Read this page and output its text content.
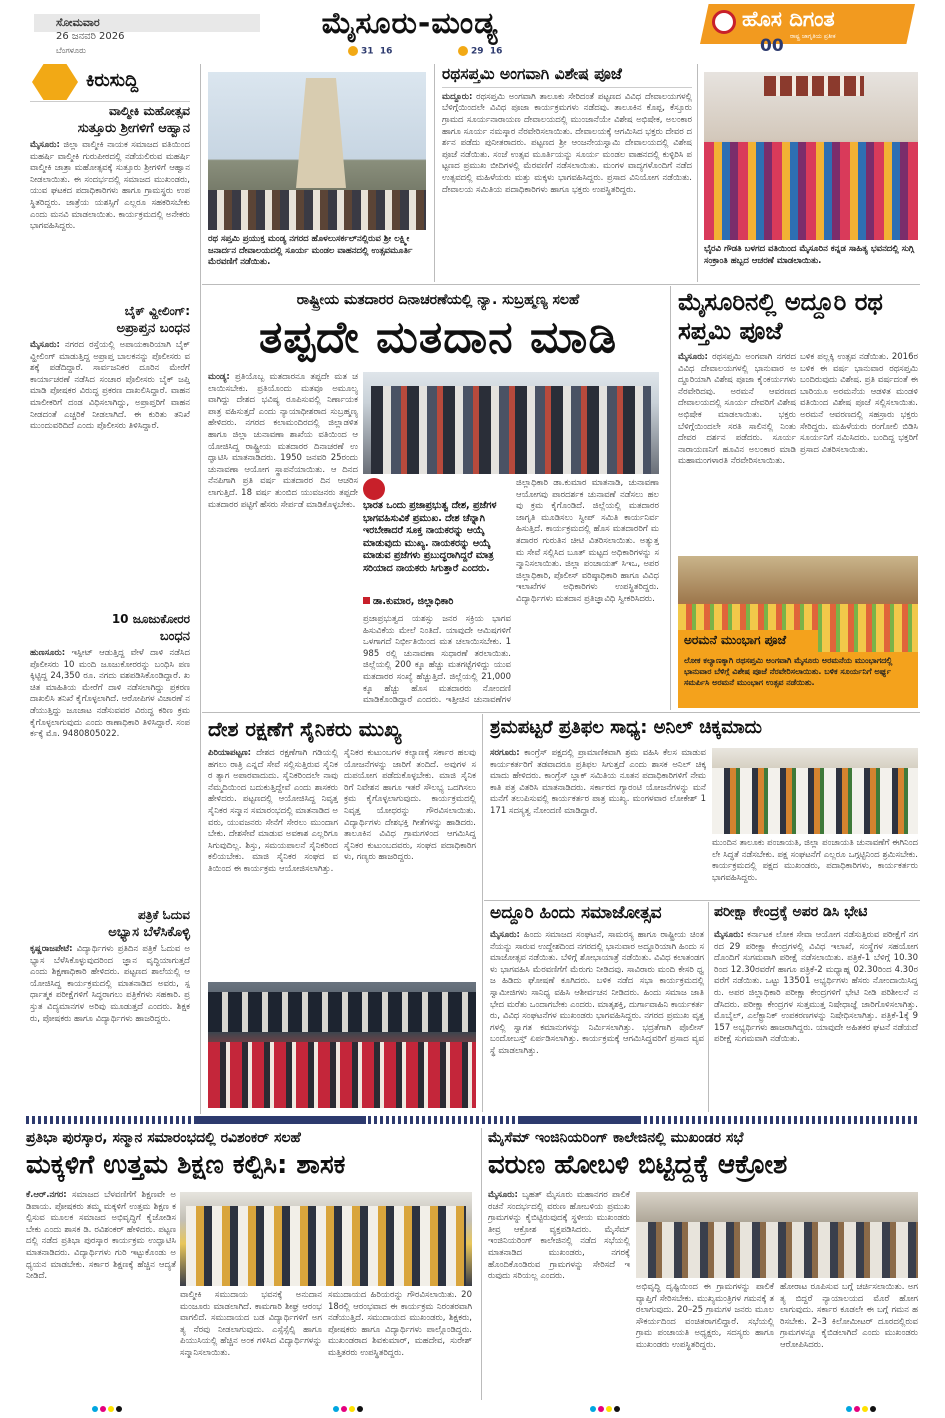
ಸೋಮವಾರ
26 ಜನವರಿ 2026
ಬೆಂಗಳೂರು
ಮೈಸೂರು-ಮಂಡ್ಯ
31 16	29 16
ಹೊಸ ದಿಗಂತ
ರಾಷ್ಟ್ರ ಜಾಗೃತಿಯ ಪ್ರತೀಕ
00
ಕಿರುಸುದ್ದಿ
ವಾಲ್ಮೀಕಿ ಮಹೋತ್ಸವ
ಸುತ್ತೂರು ಶ್ರೀಗಳಿಗೆ ಆಹ್ವಾನ
ಮೈಸೂರು: ಜಿಲ್ಲಾ ವಾಲ್ಮೀಕಿ ನಾಯಕ ಸಮಾಜದ ವತಿಯಿಂದ ಮಹರ್ಷಿ ವಾಲ್ಮೀಕಿ ಗುರುಪೀಠದಲ್ಲಿ ನಡೆಯಲಿರುವ ಮಹರ್ಷಿ ವಾಲ್ಮೀಕಿ ಜಾತ್ರಾ ಮಹೋತ್ಸವಕ್ಕೆ ಸುತ್ತೂರು ಶ್ರೀಗಳಿಗೆ ಆಹ್ವಾನ ನೀಡಲಾಯಿತು. ಈ ಸಂದರ್ಭದಲ್ಲಿ ಸಮಾಜದ ಮುಖಂಡರು, ಯುವ ಘಟಕದ ಪದಾಧಿಕಾರಿಗಳು ಹಾಗೂ ಗ್ರಾಮಸ್ಥರು ಉಪಸ್ಥಿತರಿದ್ದರು. ಜಾತ್ರೆಯ ಯಶಸ್ಸಿಗೆ ಎಲ್ಲರೂ ಸಹಕರಿಸಬೇಕು ಎಂದು ಮನವಿ ಮಾಡಲಾಯಿತು. ಕಾರ್ಯಕ್ರಮದಲ್ಲಿ ಅನೇಕರು ಭಾಗವಹಿಸಿದ್ದರು.
ಬೈಕ್ ವ್ಹೀಲಿಂಗ್:
ಅಪ್ರಾಪ್ತನ ಬಂಧನ
ಮೈಸೂರು: ನಗರದ ರಸ್ತೆಯಲ್ಲಿ ಅಪಾಯಕಾರಿಯಾಗಿ ಬೈಕ್ ವ್ಹೀಲಿಂಗ್ ಮಾಡುತ್ತಿದ್ದ ಅಪ್ರಾಪ್ತ ಬಾಲಕನನ್ನು ಪೊಲೀಸರು ವಶಕ್ಕೆ ಪಡೆದಿದ್ದಾರೆ. ಸಾರ್ವಜನಿಕರ ದೂರಿನ ಮೇರೆಗೆ ಕಾರ್ಯಾಚರಣೆ ನಡೆಸಿದ ಸಂಚಾರ ಪೊಲೀಸರು ಬೈಕ್ ಜಪ್ತಿ ಮಾಡಿ ಪೋಷಕರ ವಿರುದ್ಧ ಪ್ರಕರಣ ದಾಖಲಿಸಿದ್ದಾರೆ. ವಾಹನ ಮಾಲೀಕರಿಗೆ ದಂಡ ವಿಧಿಸಲಾಗಿದ್ದು, ಅಪ್ರಾಪ್ತರಿಗೆ ವಾಹನ ನೀಡದಂತೆ ಎಚ್ಚರಿಕೆ ನೀಡಲಾಗಿದೆ. ಈ ಕುರಿತು ತನಿಖೆ ಮುಂದುವರಿದಿದೆ ಎಂದು ಪೊಲೀಸರು ತಿಳಿಸಿದ್ದಾರೆ.
10 ಜೂಜುಕೋರರ
ಬಂಧನ
ಹುಣಸೂರು: ಇಸ್ಪೀಟ್ ಆಡುತ್ತಿದ್ದ ವೇಳೆ ದಾಳಿ ನಡೆಸಿದ ಪೊಲೀಸರು 10 ಮಂದಿ ಜೂಜುಕೋರರನ್ನು ಬಂಧಿಸಿ ಪಣಕ್ಕಿಟ್ಟಿದ್ದ 24,350 ರೂ. ನಗದು ವಶಪಡಿಸಿಕೊಂಡಿದ್ದಾರೆ. ಖಚಿತ ಮಾಹಿತಿಯ ಮೇರೆಗೆ ದಾಳಿ ನಡೆಸಲಾಗಿದ್ದು ಪ್ರಕರಣ ದಾಖಲಿಸಿ ತನಿಖೆ ಕೈಗೊಳ್ಳಲಾಗಿದೆ. ಆರೋಪಿಗಳ ವಿಚಾರಣೆ ನಡೆಯುತ್ತಿದ್ದು ಜೂಜಾಟ ನಡೆಸುವವರ ವಿರುದ್ಧ ಕಠಿಣ ಕ್ರಮ ಕೈಗೊಳ್ಳಲಾಗುವುದು ಎಂದು ಠಾಣಾಧಿಕಾರಿ ತಿಳಿಸಿದ್ದಾರೆ. ಸಂಪರ್ಕಕ್ಕೆ ಮೊ. 9480805022.
ಪತ್ರಿಕೆ ಓದುವ
ಅಭ್ಯಾಸ ಬೆಳೆಸಿಕೊಳ್ಳಿ
ಕೃಷ್ಣರಾಜಪೇಟೆ: ವಿದ್ಯಾರ್ಥಿಗಳು ಪ್ರತಿದಿನ ಪತ್ರಿಕೆ ಓದುವ ಅಭ್ಯಾಸ ಬೆಳೆಸಿಕೊಳ್ಳುವುದರಿಂದ ಜ್ಞಾನ ವೃದ್ಧಿಯಾಗುತ್ತದೆ ಎಂದು ಶಿಕ್ಷಣಾಧಿಕಾರಿ ಹೇಳಿದರು. ಪಟ್ಟಣದ ಶಾಲೆಯಲ್ಲಿ ಆಯೋಜಿಸಿದ್ದ ಕಾರ್ಯಕ್ರಮದಲ್ಲಿ ಮಾತನಾಡಿದ ಅವರು, ಸ್ಪರ್ಧಾತ್ಮಕ ಪರೀಕ್ಷೆಗಳಿಗೆ ಸಿದ್ಧರಾಗಲು ಪತ್ರಿಕೆಗಳು ಸಹಕಾರಿ. ಪ್ರಸ್ತುತ ವಿದ್ಯಮಾನಗಳ ಅರಿವು ಮೂಡುತ್ತದೆ ಎಂದರು. ಶಿಕ್ಷಕರು, ಪೋಷಕರು ಹಾಗೂ ವಿದ್ಯಾರ್ಥಿಗಳು ಹಾಜರಿದ್ದರು.
ರಥ ಸಪ್ತಮಿ ಪ್ರಯುಕ್ತ ಮಂಡ್ಯ ನಗರದ ಹೊಳಲುಸರ್ಕಲ್‌ನಲ್ಲಿರುವ ಶ್ರೀ ಲಕ್ಷ್ಮೀ ಜನಾರ್ದನ ದೇವಾಲಯದಲ್ಲಿ ಸೂರ್ಯ ಮಂಡಲ ವಾಹನದಲ್ಲಿ ಉತ್ಸವಮೂರ್ತಿ ಮೆರವಣಿಗೆ ನಡೆಯಿತು.
ರಥಸಪ್ತಮಿ ಅಂಗವಾಗಿ ವಿಶೇಷ ಪೂಜೆ
ಮದ್ದೂರು: ರಥಸಪ್ತಮಿ ಅಂಗವಾಗಿ ತಾಲೂಕು ಸೇರಿದಂತೆ ಪಟ್ಟಣದ ವಿವಿಧ ದೇವಾಲಯಗಳಲ್ಲಿ ಬೆಳಿಗ್ಗೆಯಿಂದಲೇ ವಿವಿಧ ಪೂಜಾ ಕಾರ್ಯಕ್ರಮಗಳು ನಡೆದವು. ತಾಲೂಕಿನ ಕೊಪ್ಪ, ಕೆಸ್ತೂರು ಗ್ರಾಮದ ಸೂರ್ಯನಾರಾಯಣ ದೇವಾಲಯದಲ್ಲಿ ಮುಂಜಾನೆಯೇ ವಿಶೇಷ ಅಭಿಷೇಕ, ಅಲಂಕಾರ ಹಾಗೂ ಸೂರ್ಯ ನಮಸ್ಕಾರ ನೆರವೇರಿಸಲಾಯಿತು. ದೇವಾಲಯಕ್ಕೆ ಆಗಮಿಸಿದ ಭಕ್ತರು ದೇವರ ದರ್ಶನ ಪಡೆದು ಪುನೀತರಾದರು. ಪಟ್ಟಣದ ಶ್ರೀ ಆಂಜನೇಯಸ್ವಾಮಿ ದೇವಾಲಯದಲ್ಲಿ ವಿಶೇಷ ಪೂಜೆ ನಡೆಯಿತು. ಸಂಜೆ ಉತ್ಸವ ಮೂರ್ತಿಯನ್ನು ಸೂರ್ಯ ಮಂಡಲ ವಾಹನದಲ್ಲಿ ಕುಳ್ಳಿರಿಸಿ ಪಟ್ಟಣದ ಪ್ರಮುಖ ಬೀದಿಗಳಲ್ಲಿ ಮೆರವಣಿಗೆ ನಡೆಸಲಾಯಿತು. ಮಂಗಳ ವಾದ್ಯಗಳೊಂದಿಗೆ ನಡೆದ ಉತ್ಸವದಲ್ಲಿ ಮಹಿಳೆಯರು ಮತ್ತು ಮಕ್ಕಳು ಭಾಗವಹಿಸಿದ್ದರು. ಪ್ರಸಾದ ವಿನಿಯೋಗ ನಡೆಯಿತು. ದೇವಾಲಯ ಸಮಿತಿಯ ಪದಾಧಿಕಾರಿಗಳು ಹಾಗೂ ಭಕ್ತರು ಉಪಸ್ಥಿತರಿದ್ದರು.
ಭೈರವಿ ಗೌಡತಿ ಬಳಗದ ವತಿಯಿಂದ ಮೈಸೂರಿನ ಕನ್ನಡ ಸಾಹಿತ್ಯ ಭವನದಲ್ಲಿ ಸುಗ್ಗಿ ಸಂಕ್ರಾಂತಿ ಹಬ್ಬದ ಆಚರಣೆ ಮಾಡಲಾಯಿತು.
ರಾಷ್ಟ್ರೀಯ ಮತದಾರರ ದಿನಾಚರಣೆಯಲ್ಲಿ ನ್ಯಾ. ಸುಬ್ರಹ್ಮಣ್ಯ ಸಲಹೆ
ತಪ್ಪದೇ ಮತದಾನ ಮಾಡಿ
ಮಂಡ್ಯ: ಪ್ರತಿಯೊಬ್ಬ ಮತದಾರನೂ ತಪ್ಪದೇ ಮತ ಚಲಾಯಿಸಬೇಕು. ಪ್ರತಿಯೊಂದು ಮತವೂ ಅಮೂಲ್ಯವಾಗಿದ್ದು ದೇಶದ ಭವಿಷ್ಯ ರೂಪಿಸುವಲ್ಲಿ ನಿರ್ಣಾಯಕ ಪಾತ್ರ ವಹಿಸುತ್ತದೆ ಎಂದು ನ್ಯಾಯಾಧೀಶರಾದ ಸುಬ್ರಹ್ಮಣ್ಯ ಹೇಳಿದರು. ನಗರದ ಕಲಾಮಂದಿರದಲ್ಲಿ ಜಿಲ್ಲಾಡಳಿತ ಹಾಗೂ ಜಿಲ್ಲಾ ಚುನಾವಣಾ ಶಾಖೆಯ ವತಿಯಿಂದ ಆಯೋಜಿಸಿದ್ದ ರಾಷ್ಟ್ರೀಯ ಮತದಾರರ ದಿನಾಚರಣೆ ಉದ್ಘಾಟಿಸಿ ಮಾತನಾಡಿದರು. 1950 ಜನವರಿ 25ರಂದು ಚುನಾವಣಾ ಆಯೋಗ ಸ್ಥಾಪನೆಯಾಯಿತು. ಆ ದಿನದ ನೆನಪಿಗಾಗಿ ಪ್ರತಿ ವರ್ಷ ಮತದಾರರ ದಿನ ಆಚರಿಸಲಾಗುತ್ತಿದೆ. 18 ವರ್ಷ ತುಂಬಿದ ಯುವಜನರು ತಪ್ಪದೇ ಮತದಾರರ ಪಟ್ಟಿಗೆ ಹೆಸರು ಸೇರ್ಪಡೆ ಮಾಡಿಕೊಳ್ಳಬೇಕು. ಭಾರತ ಒಂದು ಪ್ರಜಾಪ್ರಭುತ್ವ ದೇಶ, ಪ್ರಜೆಗಳ ಭಾಗವಹಿಸುವಿಕೆ ಪ್ರಮುಖ. ದೇಶ ಚೆನ್ನಾಗಿ ಇರಬೇಕಾದರೆ ಸೂಕ್ತ ನಾಯಕರನ್ನು ಆಯ್ಕೆ ಮಾಡುವುದು ಮುಖ್ಯ. ನಾಯಕರನ್ನು ಆಯ್ಕೆ ಮಾಡುವ ಪ್ರಜೆಗಳು ಪ್ರಬುದ್ಧರಾಗಿದ್ದರೆ ಮಾತ್ರ ಸರಿಯಾದ ನಾಯಕರು ಸಿಗುತ್ತಾರೆ ಎಂದರು.
ಡಾ.ಕುಮಾರ, ಜಿಲ್ಲಾಧಿಕಾರಿ
ಜಿಲ್ಲಾಧಿಕಾರಿ ಡಾ.ಕುಮಾರ ಮಾತನಾಡಿ, ಚುನಾವಣಾ ಆಯೋಗವು ಪಾರದರ್ಶಕ ಚುನಾವಣೆ ನಡೆಸಲು ಹಲವು ಕ್ರಮ ಕೈಗೊಂಡಿದೆ. ಜಿಲ್ಲೆಯಲ್ಲಿ ಮತದಾರರ ಜಾಗೃತಿ ಮೂಡಿಸಲು ಸ್ವೀಪ್ ಸಮಿತಿ ಕಾರ್ಯನಿರ್ವಹಿಸುತ್ತಿದೆ. ಕಾರ್ಯಕ್ರಮದಲ್ಲಿ ಹೊಸ ಮತದಾರರಿಗೆ ಮತದಾರರ ಗುರುತಿನ ಚೀಟಿ ವಿತರಿಸಲಾಯಿತು. ಅತ್ಯುತ್ತಮ ಸೇವೆ ಸಲ್ಲಿಸಿದ ಬೂತ್ ಮಟ್ಟದ ಅಧಿಕಾರಿಗಳನ್ನು ಸನ್ಮಾನಿಸಲಾಯಿತು. ಜಿಲ್ಲಾ ಪಂಚಾಯತ್ ಸಿಇಒ, ಅಪರ ಜಿಲ್ಲಾಧಿಕಾರಿ, ಪೊಲೀಸ್ ವರಿಷ್ಠಾಧಿಕಾರಿ ಹಾಗೂ ವಿವಿಧ ಇಲಾಖೆಗಳ ಅಧಿಕಾರಿಗಳು ಉಪಸ್ಥಿತರಿದ್ದರು. ವಿದ್ಯಾರ್ಥಿಗಳು ಮತದಾನ ಪ್ರತಿಜ್ಞಾವಿಧಿ ಸ್ವೀಕರಿಸಿದರು.
ಪ್ರಜಾಪ್ರಭುತ್ವದ ಯಶಸ್ಸು ಜನರ ಸಕ್ರಿಯ ಭಾಗವಹಿಸುವಿಕೆಯ ಮೇಲೆ ನಿಂತಿದೆ. ಯಾವುದೇ ಆಮಿಷಗಳಿಗೆ ಒಳಗಾಗದೆ ನಿರ್ಭೀತಿಯಿಂದ ಮತ ಚಲಾಯಿಸಬೇಕು. 1985 ರಲ್ಲಿ ಚುನಾವಣಾ ಸುಧಾರಣೆ ತರಲಾಯಿತು. ಜಿಲ್ಲೆಯಲ್ಲಿ 200 ಕ್ಕೂ ಹೆಚ್ಚು ಮತಗಟ್ಟೆಗಳಿದ್ದು ಯುವ ಮತದಾರರ ಸಂಖ್ಯೆ ಹೆಚ್ಚುತ್ತಿದೆ. ಜಿಲ್ಲೆಯಲ್ಲಿ 21,000 ಕ್ಕೂ ಹೆಚ್ಚು ಹೊಸ ಮತದಾರರು ನೋಂದಣಿ ಮಾಡಿಕೊಂಡಿದ್ದಾರೆ ಎಂದರು. ಇತ್ತೀಚಿನ ಚುನಾವಣೆಗಳ
ಮೈಸೂರಿನಲ್ಲಿ ಅದ್ದೂರಿ ರಥ ಸಪ್ತಮಿ ಪೂಜೆ
ಮೈಸೂರು: ರಥಸಪ್ತಮಿ ಅಂಗವಾಗಿ ನಗರದ ವಿವಿಧ ದೇವಾಲಯಗಳಲ್ಲಿ ಭಾನುವಾರ ಅದ್ದೂರಿಯಾಗಿ ವಿಶೇಷ ಪೂಜಾ ಕೈಂಕರ್ಯಗಳು ನೆರವೇರಿದವು. ಅರಮನೆ ಆವರಣದ ದೇವಾಲಯದಲ್ಲಿ ಸೂರ್ಯ ದೇವರಿಗೆ ವಿಶೇಷ ಅಭಿಷೇಕ ಮಾಡಲಾಯಿತು. ಭಕ್ತರು ಬೆಳಿಗ್ಗೆಯಿಂದಲೇ ಸರತಿ ಸಾಲಿನಲ್ಲಿ ನಿಂತು ದೇವರ ದರ್ಶನ ಪಡೆದರು. ಸೂರ್ಯ ನಾರಾಯಣನಿಗೆ ಹೂವಿನ ಅಲಂಕಾರ ಮಾಡಿ ಮಹಾಮಂಗಳಾರತಿ ನೆರವೇರಿಸಲಾಯಿತು.
ಬಳಿಕ ಪಲ್ಲಕ್ಕಿ ಉತ್ಸವ ನಡೆಯಿತು. 2016ರ ಬಳಿಕ ಈ ವರ್ಷ ಭಾನುವಾರ ರಥಸಪ್ತಮಿ ಬಂದಿರುವುದು ವಿಶೇಷ. ಪ್ರತಿ ವರ್ಷದಂತೆ ಈ ಬಾರಿಯೂ ಅರಮನೆಯ ಆಡಳಿತ ಮಂಡಳಿ ವತಿಯಿಂದ ವಿಶೇಷ ಪೂಜೆ ಸಲ್ಲಿಸಲಾಯಿತು. ಅರಮನೆ ಆವರಣದಲ್ಲಿ ಸಹಸ್ರಾರು ಭಕ್ತರು ಸೇರಿದ್ದರು. ಮಹಿಳೆಯರು ರಂಗೋಲಿ ಬಿಡಿಸಿ ಸೂರ್ಯನಿಗೆ ನಮಿಸಿದರು. ಬಂದಿದ್ದ ಭಕ್ತರಿಗೆ ಪ್ರಸಾದ ವಿತರಿಸಲಾಯಿತು.
ಅರಮನೆ ಮುಂಭಾಗ ಪೂಜೆ
ಲೋಕ ಕಲ್ಯಾಣಕ್ಕಾಗಿ ರಥಸಪ್ತಮಿ ಅಂಗವಾಗಿ ಮೈಸೂರು ಅರಮನೆಯ ಮುಂಭಾಗದಲ್ಲಿ ಭಾನುವಾರ ಬೆಳಿಗ್ಗೆ ವಿಶೇಷ ಪೂಜೆ ನೆರವೇರಿಸಲಾಯಿತು. ಬಳಿಕ ಸೂರ್ಯನಿಗೆ ಅರ್ಘ್ಯ ಸಮರ್ಪಿಸಿ ಅರಮನೆ ಮುಂಭಾಗ ಉತ್ಸವ ನಡೆಯಿತು.
ದೇಶ ರಕ್ಷಣೆಗೆ ಸೈನಿಕರು ಮುಖ್ಯ
ಪಿರಿಯಾಪಟ್ಟಣ: ದೇಶದ ರಕ್ಷಣೆಗಾಗಿ ಗಡಿಯಲ್ಲಿ ಹಗಲು ರಾತ್ರಿ ಎನ್ನದೆ ಸೇವೆ ಸಲ್ಲಿಸುತ್ತಿರುವ ಸೈನಿಕರ ತ್ಯಾಗ ಅಪಾರವಾದುದು. ಸೈನಿಕರಿಂದಲೇ ನಾವು ನೆಮ್ಮದಿಯಿಂದ ಬದುಕುತ್ತಿದ್ದೇವೆ ಎಂದು ಶಾಸಕರು ಹೇಳಿದರು. ಪಟ್ಟಣದಲ್ಲಿ ಆಯೋಜಿಸಿದ್ದ ನಿವೃತ್ತ ಸೈನಿಕರ ಸನ್ಮಾನ ಸಮಾರಂಭದಲ್ಲಿ ಮಾತನಾಡಿದ ಅವರು, ಯುವಜನರು ಸೇನೆಗೆ ಸೇರಲು ಮುಂದಾಗಬೇಕು. ದೇಶಸೇವೆ ಮಾಡುವ ಅವಕಾಶ ಎಲ್ಲರಿಗೂ ಸಿಗುವುದಿಲ್ಲ. ಶಿಸ್ತು, ಸಮಯಪಾಲನೆ ಸೈನಿಕರಿಂದ ಕಲಿಯಬೇಕು. ಮಾಜಿ ಸೈನಿಕರ ಸಂಘದ ವತಿಯಿಂದ ಈ ಕಾರ್ಯಕ್ರಮ ಆಯೋಜಿಸಲಾಗಿತ್ತು.
ಸೈನಿಕರ ಕುಟುಂಬಗಳ ಕಲ್ಯಾಣಕ್ಕೆ ಸರ್ಕಾರ ಹಲವು ಯೋಜನೆಗಳನ್ನು ಜಾರಿಗೆ ತಂದಿದೆ. ಅವುಗಳ ಸದುಪಯೋಗ ಪಡೆದುಕೊಳ್ಳಬೇಕು. ಮಾಜಿ ಸೈನಿಕರಿಗೆ ನಿವೇಶನ ಹಾಗೂ ಇತರೆ ಸೌಲಭ್ಯ ಒದಗಿಸಲು ಕ್ರಮ ಕೈಗೊಳ್ಳಲಾಗುವುದು. ಕಾರ್ಯಕ್ರಮದಲ್ಲಿ ನಿವೃತ್ತ ಯೋಧರನ್ನು ಗೌರವಿಸಲಾಯಿತು. ವಿದ್ಯಾರ್ಥಿಗಳು ದೇಶಭಕ್ತಿ ಗೀತೆಗಳನ್ನು ಹಾಡಿದರು. ತಾಲೂಕಿನ ವಿವಿಧ ಗ್ರಾಮಗಳಿಂದ ಆಗಮಿಸಿದ್ದ ಸೈನಿಕರ ಕುಟುಂಬದವರು, ಸಂಘದ ಪದಾಧಿಕಾರಿಗಳು, ಗಣ್ಯರು ಹಾಜರಿದ್ದರು.
ಶ್ರಮಪಟ್ಟರೆ ಪ್ರತಿಫಲ ಸಾಧ್ಯ: ಅನಿಲ್ ಚಿಕ್ಕಮಾದು
ಸರಗೂರು: ಕಾಂಗ್ರೆಸ್ ಪಕ್ಷದಲ್ಲಿ ಪ್ರಾಮಾಣಿಕವಾಗಿ ಶ್ರಮ ವಹಿಸಿ ಕೆಲಸ ಮಾಡುವ ಕಾರ್ಯಕರ್ತರಿಗೆ ತಡವಾದರೂ ಪ್ರತಿಫಲ ಸಿಗುತ್ತದೆ ಎಂದು ಶಾಸಕ ಅನಿಲ್ ಚಿಕ್ಕಮಾದು ಹೇಳಿದರು. ಕಾಂಗ್ರೆಸ್ ಬ್ಲಾಕ್ ಸಮಿತಿಯ ನೂತನ ಪದಾಧಿಕಾರಿಗಳಿಗೆ ನೇಮಕಾತಿ ಪತ್ರ ವಿತರಿಸಿ ಮಾತನಾಡಿದರು. ಸರ್ಕಾರದ ಗ್ಯಾರಂಟಿ ಯೋಜನೆಗಳನ್ನು ಮನೆ ಮನೆಗೆ ತಲುಪಿಸುವಲ್ಲಿ ಕಾರ್ಯಕರ್ತರ ಪಾತ್ರ ಮುಖ್ಯ. ಮಂಗಳವಾರ ಲೋಕೇಶ್ 1171 ಸದಸ್ಯತ್ವ ನೋಂದಣಿ ಮಾಡಿದ್ದಾರೆ.
ಮುಂದಿನ ತಾಲೂಕು ಪಂಚಾಯತಿ, ಜಿಲ್ಲಾ ಪಂಚಾಯತಿ ಚುನಾವಣೆಗೆ ಈಗಿನಿಂದಲೇ ಸಿದ್ಧತೆ ನಡೆಸಬೇಕು. ಪಕ್ಷ ಸಂಘಟನೆಗೆ ಎಲ್ಲರೂ ಒಗ್ಗಟ್ಟಿನಿಂದ ಶ್ರಮಿಸಬೇಕು. ಕಾರ್ಯಕ್ರಮದಲ್ಲಿ ಪಕ್ಷದ ಮುಖಂಡರು, ಪದಾಧಿಕಾರಿಗಳು, ಕಾರ್ಯಕರ್ತರು ಭಾಗವಹಿಸಿದ್ದರು.
ಅದ್ದೂರಿ ಹಿಂದು ಸಮಾಜೋತ್ಸವ
ಮೈಸೂರು: ಹಿಂದು ಸಮಾಜದ ಸಂಘಟನೆ, ಸಾಮರಸ್ಯ ಹಾಗೂ ರಾಷ್ಟ್ರೀಯ ಚಿಂತನೆಯನ್ನು ಸಾರುವ ಉದ್ದೇಶದಿಂದ ನಗರದಲ್ಲಿ ಭಾನುವಾರ ಅದ್ದೂರಿಯಾಗಿ ಹಿಂದು ಸಮಾಜೋತ್ಸವ ನಡೆಯಿತು. ಬೆಳಿಗ್ಗೆ ಶೋಭಾಯಾತ್ರೆ ನಡೆಯಿತು. ವಿವಿಧ ಕಲಾತಂಡಗಳು ಭಾಗವಹಿಸಿ ಮೆರವಣಿಗೆಗೆ ಮೆರುಗು ನೀಡಿದವು. ಸಾವಿರಾರು ಮಂದಿ ಕೇಸರಿ ಧ್ವಜ ಹಿಡಿದು ಘೋಷಣೆ ಕೂಗಿದರು. ಬಳಿಕ ನಡೆದ ಸಭಾ ಕಾರ್ಯಕ್ರಮದಲ್ಲಿ ಸ್ವಾಮೀಜಿಗಳು ಸಾನಿಧ್ಯ ವಹಿಸಿ ಆಶೀರ್ವಚನ ನೀಡಿದರು. ಹಿಂದು ಸಮಾಜ ಜಾತಿ ಭೇದ ಮರೆತು ಒಂದಾಗಬೇಕು ಎಂದರು. ಮಾತೃಶಕ್ತಿ, ದುರ್ಗಾವಾಹಿನಿ ಕಾರ್ಯಕರ್ತರು, ವಿವಿಧ ಸಂಘಟನೆಗಳ ಮುಖಂಡರು ಭಾಗವಹಿಸಿದ್ದರು. ನಗರದ ಪ್ರಮುಖ ವೃತ್ತಗಳಲ್ಲಿ ಸ್ವಾಗತ ಕಮಾನುಗಳನ್ನು ನಿರ್ಮಿಸಲಾಗಿತ್ತು. ಭದ್ರತೆಗಾಗಿ ಪೊಲೀಸ್ ಬಂದೋಬಸ್ತ್ ಏರ್ಪಡಿಸಲಾಗಿತ್ತು. ಕಾರ್ಯಕ್ರಮಕ್ಕೆ ಆಗಮಿಸಿದ್ದವರಿಗೆ ಪ್ರಸಾದ ವ್ಯವಸ್ಥೆ ಮಾಡಲಾಗಿತ್ತು.
ಪರೀಕ್ಷಾ ಕೇಂದ್ರಕ್ಕೆ ಅಪರ ಡಿಸಿ ಭೇಟಿ
ಮೈಸೂರು: ಕರ್ನಾಟಕ ಲೋಕ ಸೇವಾ ಆಯೋಗ ನಡೆಸುತ್ತಿರುವ ಪರೀಕ್ಷೆಗೆ ನಗರದ 29 ಪರೀಕ್ಷಾ ಕೇಂದ್ರಗಳಲ್ಲಿ ವಿವಿಧ ಇಲಾಖೆ, ಸಂಸ್ಥೆಗಳ ಸಹಯೋಗದೊಂದಿಗೆ ಸುಗಮವಾಗಿ ಪರೀಕ್ಷೆ ನಡೆಸಲಾಯಿತು. ಪತ್ರಿಕೆ-1 ಬೆಳಿಗ್ಗೆ 10.30ರಿಂದ 12.30ರವರೆಗೆ ಹಾಗೂ ಪತ್ರಿಕೆ-2 ಮಧ್ಯಾಹ್ನ 02.30ರಿಂದ 4.30ರವರೆಗೆ ನಡೆಯಿತು. ಒಟ್ಟು 13501 ಅಭ್ಯರ್ಥಿಗಳು ಹೆಸರು ನೋಂದಾಯಿಸಿದ್ದರು. ಅಪರ ಜಿಲ್ಲಾಧಿಕಾರಿ ಪರೀಕ್ಷಾ ಕೇಂದ್ರಗಳಿಗೆ ಭೇಟಿ ನೀಡಿ ಪರಿಶೀಲನೆ ನಡೆಸಿದರು. ಪರೀಕ್ಷಾ ಕೇಂದ್ರಗಳ ಸುತ್ತಮುತ್ತ ನಿಷೇಧಾಜ್ಞೆ ಜಾರಿಗೊಳಿಸಲಾಗಿತ್ತು. ಮೊಬೈಲ್, ಎಲೆಕ್ಟ್ರಾನಿಕ್ ಉಪಕರಣಗಳನ್ನು ನಿಷೇಧಿಸಲಾಗಿತ್ತು. ಪತ್ರಿಕೆ-1ಕ್ಕೆ 9157 ಅಭ್ಯರ್ಥಿಗಳು ಹಾಜರಾಗಿದ್ದರು. ಯಾವುದೇ ಅಹಿತಕರ ಘಟನೆ ನಡೆಯದೆ ಪರೀಕ್ಷೆ ಸುಗಮವಾಗಿ ನಡೆಯಿತು.
ಪ್ರತಿಭಾ ಪುರಸ್ಕಾರ, ಸನ್ಮಾನ ಸಮಾರಂಭದಲ್ಲಿ ರವಿಶಂಕರ್ ಸಲಹೆ
ಮಕ್ಕಳಿಗೆ ಉತ್ತಮ ಶಿಕ್ಷಣ ಕಲ್ಪಿಸಿ: ಶಾಸಕ
ಕೆ.ಆರ್.ನಗರ: ಸಮಾಜದ ಬೆಳವಣಿಗೆಗೆ ಶಿಕ್ಷಣವೇ ಅಡಿಪಾಯ. ಪೋಷಕರು ತಮ್ಮ ಮಕ್ಕಳಿಗೆ ಉತ್ತಮ ಶಿಕ್ಷಣ ಕಲ್ಪಿಸುವ ಮೂಲಕ ಸಮಾಜದ ಅಭಿವೃದ್ಧಿಗೆ ಕೈಜೋಡಿಸಬೇಕು ಎಂದು ಶಾಸಕ ಡಿ. ರವಿಶಂಕರ್ ಹೇಳಿದರು. ಪಟ್ಟಣದಲ್ಲಿ ನಡೆದ ಪ್ರತಿಭಾ ಪುರಸ್ಕಾರ ಕಾರ್ಯಕ್ರಮ ಉದ್ಘಾಟಿಸಿ ಮಾತನಾಡಿದರು. ವಿದ್ಯಾರ್ಥಿಗಳು ಗುರಿ ಇಟ್ಟುಕೊಂಡು ಅಧ್ಯಯನ ಮಾಡಬೇಕು. ಸರ್ಕಾರ ಶಿಕ್ಷಣಕ್ಕೆ ಹೆಚ್ಚಿನ ಆದ್ಯತೆ ನೀಡಿದೆ.
ವಾಲ್ಮೀಕಿ ಸಮುದಾಯ ಭವನಕ್ಕೆ ಅನುದಾನ ಮಂಜೂರು ಮಾಡಲಾಗಿದೆ. ಕಾಮಗಾರಿ ಶೀಘ್ರ ಆರಂಭವಾಗಲಿದೆ. ಸಮುದಾಯದ ಬಡ ವಿದ್ಯಾರ್ಥಿಗಳಿಗೆ ಅಗತ್ಯ ನೆರವು ನೀಡಲಾಗುವುದು. ಎಸ್ಸೆಸ್ಸೆಲ್ಸಿ ಹಾಗೂ ಪಿಯುಸಿಯಲ್ಲಿ ಹೆಚ್ಚಿನ ಅಂಕ ಗಳಿಸಿದ ವಿದ್ಯಾರ್ಥಿಗಳನ್ನು ಸನ್ಮಾನಿಸಲಾಯಿತು.
ಸಮುದಾಯದ ಹಿರಿಯರನ್ನು ಗೌರವಿಸಲಾಯಿತು. 2018ರಲ್ಲಿ ಆರಂಭವಾದ ಈ ಕಾರ್ಯಕ್ರಮ ನಿರಂತರವಾಗಿ ನಡೆಯುತ್ತಿದೆ. ಸಮುದಾಯದ ಮುಖಂಡರು, ಶಿಕ್ಷಕರು, ಪೋಷಕರು ಹಾಗೂ ವಿದ್ಯಾರ್ಥಿಗಳು ಪಾಲ್ಗೊಂಡಿದ್ದರು. ಮುಖಂಡರಾದ ಶಿವಕುಮಾರ್, ಮಹದೇವ, ಸುರೇಶ್ ಮತ್ತಿತರರು ಉಪಸ್ಥಿತರಿದ್ದರು.
ಮೈಸೆಮ್ ಇಂಜಿನಿಯರಿಂಗ್ ಕಾಲೇಜಿನಲ್ಲಿ ಮುಖಂಡರ ಸಭೆ
ವರುಣ ಹೋಬಳಿ ಬಿಟ್ಟಿದ್ದಕ್ಕೆ ಆಕ್ರೋಶ
ಮೈಸೂರು: ಬೃಹತ್ ಮೈಸೂರು ಮಹಾನಗರ ಪಾಲಿಕೆ ರಚನೆ ಸಂದರ್ಭದಲ್ಲಿ ವರುಣ ಹೋಬಳಿಯ ಪ್ರಮುಖ ಗ್ರಾಮಗಳನ್ನು ಕೈಬಿಟ್ಟಿರುವುದಕ್ಕೆ ಸ್ಥಳೀಯ ಮುಖಂಡರು ತೀವ್ರ ಆಕ್ರೋಶ ವ್ಯಕ್ತಪಡಿಸಿದರು. ಮೈಸೆಮ್ ಇಂಜಿನಿಯರಿಂಗ್ ಕಾಲೇಜಿನಲ್ಲಿ ನಡೆದ ಸಭೆಯಲ್ಲಿ ಮಾತನಾಡಿದ ಮುಖಂಡರು, ನಗರಕ್ಕೆ ಹೊಂದಿಕೊಂಡಿರುವ ಗ್ರಾಮಗಳನ್ನು ಸೇರಿಸದೆ ಇರುವುದು ಸರಿಯಲ್ಲ ಎಂದರು.
ಅಭಿವೃದ್ಧಿ ದೃಷ್ಟಿಯಿಂದ ಈ ಗ್ರಾಮಗಳನ್ನು ಪಾಲಿಕೆ ವ್ಯಾಪ್ತಿಗೆ ಸೇರಿಸಬೇಕು. ಮುಖ್ಯಮಂತ್ರಿಗಳ ಗಮನಕ್ಕೆ ತರಲಾಗುವುದು. 20–25 ಗ್ರಾಮಗಳ ಜನರು ಮೂಲಸೌಕರ್ಯದಿಂದ ವಂಚಿತರಾಗಲಿದ್ದಾರೆ. ಸಭೆಯಲ್ಲಿ ಗ್ರಾಮ ಪಂಚಾಯತಿ ಅಧ್ಯಕ್ಷರು, ಸದಸ್ಯರು ಹಾಗೂ ಮುಖಂಡರು ಉಪಸ್ಥಿತರಿದ್ದರು.
ಹೋರಾಟ ರೂಪಿಸುವ ಬಗ್ಗೆ ಚರ್ಚಿಸಲಾಯಿತು. ಅಗತ್ಯ ಬಿದ್ದರೆ ನ್ಯಾಯಾಲಯದ ಮೊರೆ ಹೋಗಲಾಗುವುದು. ಸರ್ಕಾರ ಕೂಡಲೇ ಈ ಬಗ್ಗೆ ಗಮನ ಹರಿಸಬೇಕು. 2–3 ಕಿಲೋಮೀಟರ್ ದೂರದಲ್ಲಿರುವ ಗ್ರಾಮಗಳನ್ನೂ ಕೈಬಿಡಲಾಗಿದೆ ಎಂದು ಮುಖಂಡರು ಆರೋಪಿಸಿದರು.
